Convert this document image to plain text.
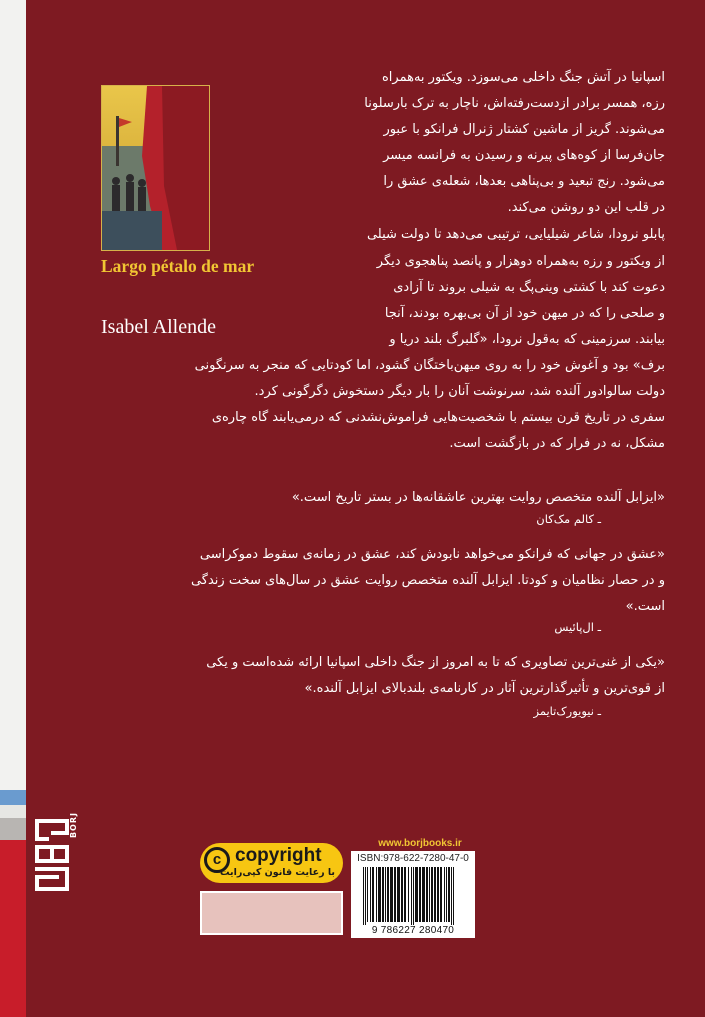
Largo pétalo de mar
Isabel Allende
اسپانیا در آتش جنگ داخلی می‌سوزد. ویکتور به‌همراه
رزه، همسر برادر ازدست‌رفته‌اش، ناچار به ترک بارسلونا
می‌شوند. گریز از ماشین کشتار ژنرال فرانکو با عبور
جان‌فرسا از کوه‌های پیرنه و رسیدن به فرانسه میسر
می‌شود. رنج تبعید و بی‌پناهی بعدها، شعله‌ی عشق را
در قلب این دو روشن می‌کند.
پابلو نرودا، شاعر شیلیایی، ترتیبی می‌دهد تا دولت شیلی
از ویکتور و رزه به‌همراه دوهزار و پانصد پناهجوی دیگر
دعوت کند با کشتی وینی‌پگ به شیلی بروند تا آزادی
و صلحی را که در میهن خود از آن بی‌بهره بودند، آنجا
بیابند. سرزمینی که به‌قول نرودا، «گلبرگ بلند دریا و
برف» بود و آغوش خود را به روی میهن‌باختگان گشود، اما کودتایی که منجر به سرنگونی
دولت سالوادور آلنده شد، سرنوشت آنان را بار دیگر دستخوش دگرگونی کرد.
سفری در تاریخ قرن بیستم با شخصیت‌هایی فراموش‌نشدنی که درمی‌یابند گاه چاره‌ی
مشکل، نه در فرار که در بازگشت است.
«ایزابل آلنده متخصص روایت بهترین عاشقانه‌ها در بستر تاریخ است.»
ـ کالم مک‌کان
«عشق در جهانی که فرانکو می‌خواهد نابودش کند، عشق در زمانه‌ی سقوط دموکراسی
و در حصار نظامیان و کودتا. ایزابل آلنده متخصص روایت عشق در سال‌های سخت زندگی
است.»
ـ ال‌پائیس
«یکی از غنی‌ترین تصاویری که تا به امروز از جنگ داخلی اسپانیا ارائه شده‌است و یکی
از قوی‌ترین و تأثیرگذارترین آثار در کارنامه‌ی بلندبالای ایزابل آلنده.»
ـ نیویورک‌تایمز
BORJ
c copyright
با رعایت قانون کپی‌رایت
www.borjbooks.ir
ISBN:978-622-7280-47-0
9 786227 280470
